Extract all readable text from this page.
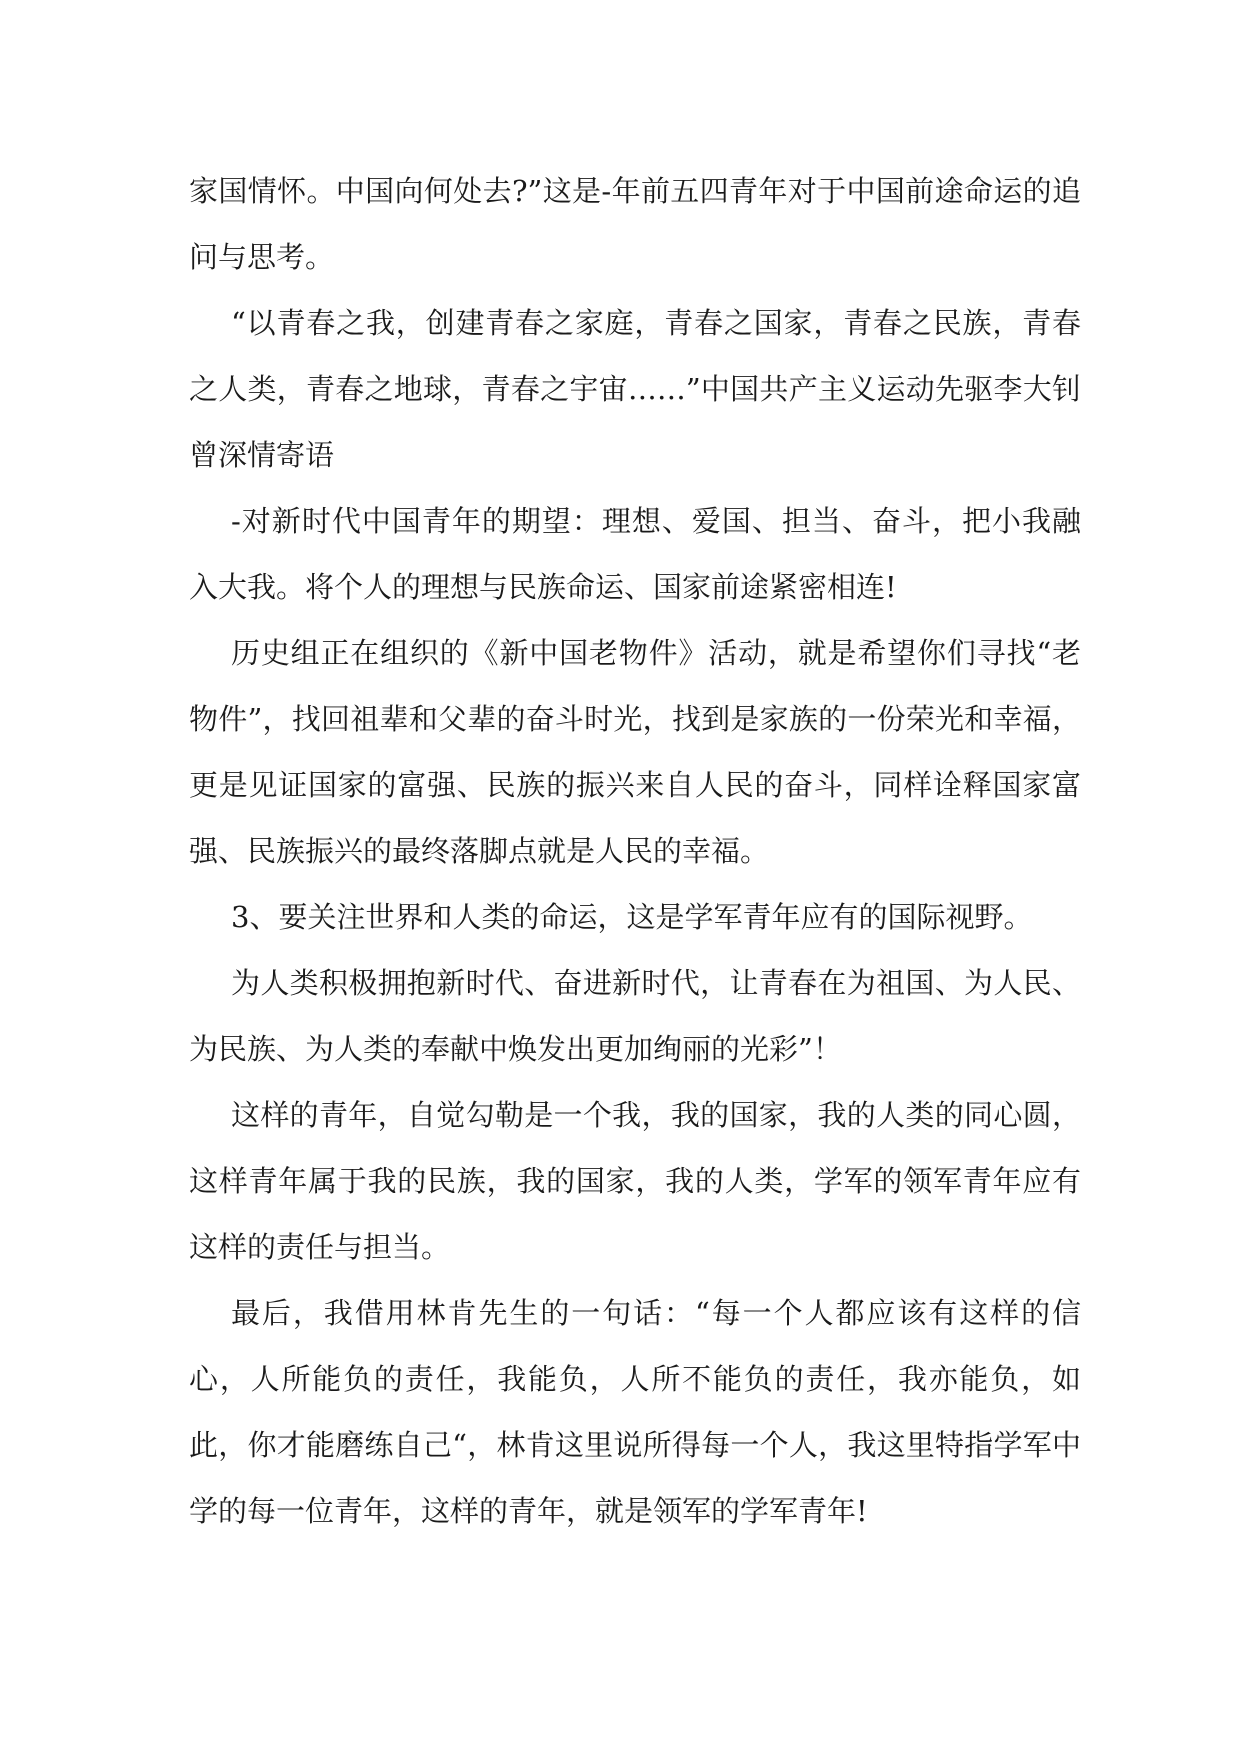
家国情怀。中国向何处去?”这是-年前五四青年对于中国前途命运的追问与思考。

“以青春之我，创建青春之家庭，青春之国家，青春之民族，青春之人类，青春之地球，青春之宇宙……”中国共产主义运动先驱李大钊曾深情寄语

-对新时代中国青年的期望：理想、爱国、担当、奋斗，把小我融入大我。将个人的理想与民族命运、国家前途紧密相连!

历史组正在组织的《新中国老物件》活动，就是希望你们寻找“老物件”，找回祖辈和父辈的奋斗时光，找到是家族的一份荣光和幸福，更是见证国家的富强、民族的振兴来自人民的奋斗，同样诠释国家富强、民族振兴的最终落脚点就是人民的幸福。

3、要关注世界和人类的命运，这是学军青年应有的国际视野。

为人类积极拥抱新时代、奋进新时代，让青春在为祖国、为人民、为民族、为人类的奉献中焕发出更加绚丽的光彩”！

这样的青年，自觉勾勒是一个我，我的国家，我的人类的同心圆，这样青年属于我的民族，我的国家，我的人类，学军的领军青年应有这样的责任与担当。

最后，我借用林肯先生的一句话：“每一个人都应该有这样的信心，人所能负的责任，我能负，人所不能负的责任，我亦能负，如此，你才能磨练自己“，林肯这里说所得每一个人，我这里特指学军中学的每一位青年，这样的青年，就是领军的学军青年!
